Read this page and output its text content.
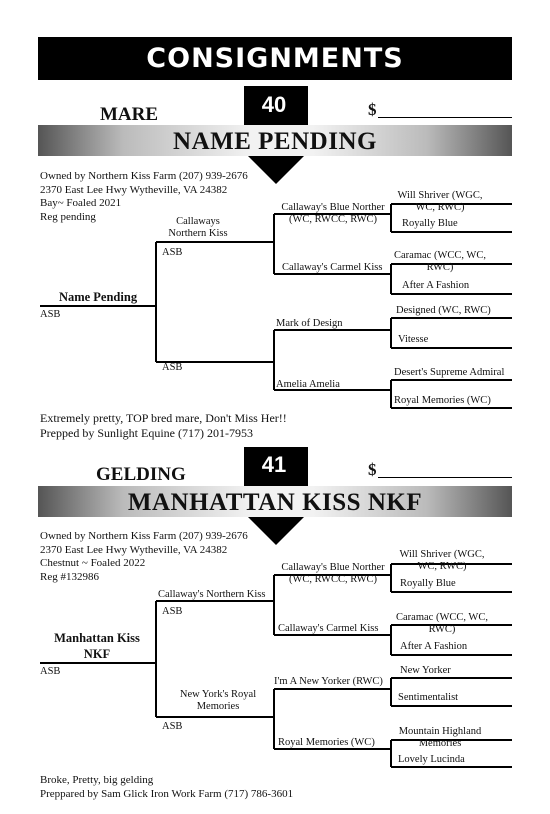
CONSIGNMENTS
MARE	$
NAME PENDING
40
Owned by Northern Kiss Farm (207) 939-2676
2370 East Lee Hwy Wytheville, VA 24382
Bay~ Foaled 2021
Reg pending
Name Pending
ASB
Callaways Northern Kiss
ASB
ASB
Callaway's Blue Norther (WC, RWCC, RWC)
Callaway's Carmel Kiss
Mark of Design
Amelia Amelia
Will Shriver (WGC, WC, RWC)
Royally Blue
Caramac (WCC, WC, RWC)
After A Fashion
Designed (WC, RWC)
Vitesse
Desert's Supreme Admiral
Royal Memories (WC)
Extremely pretty, TOP bred mare, Don't Miss Her!!
Prepped by Sunlight Equine (717) 201-7953
GELDING	$
MANHATTAN KISS NKF
41
Owned by Northern Kiss Farm (207) 939-2676
2370 East Lee Hwy Wytheville, VA 24382
Chestnut ~ Foaled 2022
Reg #132986
Manhattan Kiss NKF
ASB
Callaway's Northern Kiss
ASB
New York's Royal Memories
ASB
Callaway's Blue Norther (WC, RWCC, RWC)
Callaway's Carmel Kiss
I'm A New Yorker (RWC)
Royal Memories (WC)
Will Shriver (WGC, WC, RWC)
Royally Blue
Caramac (WCC, WC, RWC)
After A Fashion
New Yorker
Sentimentalist
Mountain Highland Memories
Lovely Lucinda
Broke, Pretty, big gelding
Preppared by Sam Glick Iron Work Farm (717) 786-3601
